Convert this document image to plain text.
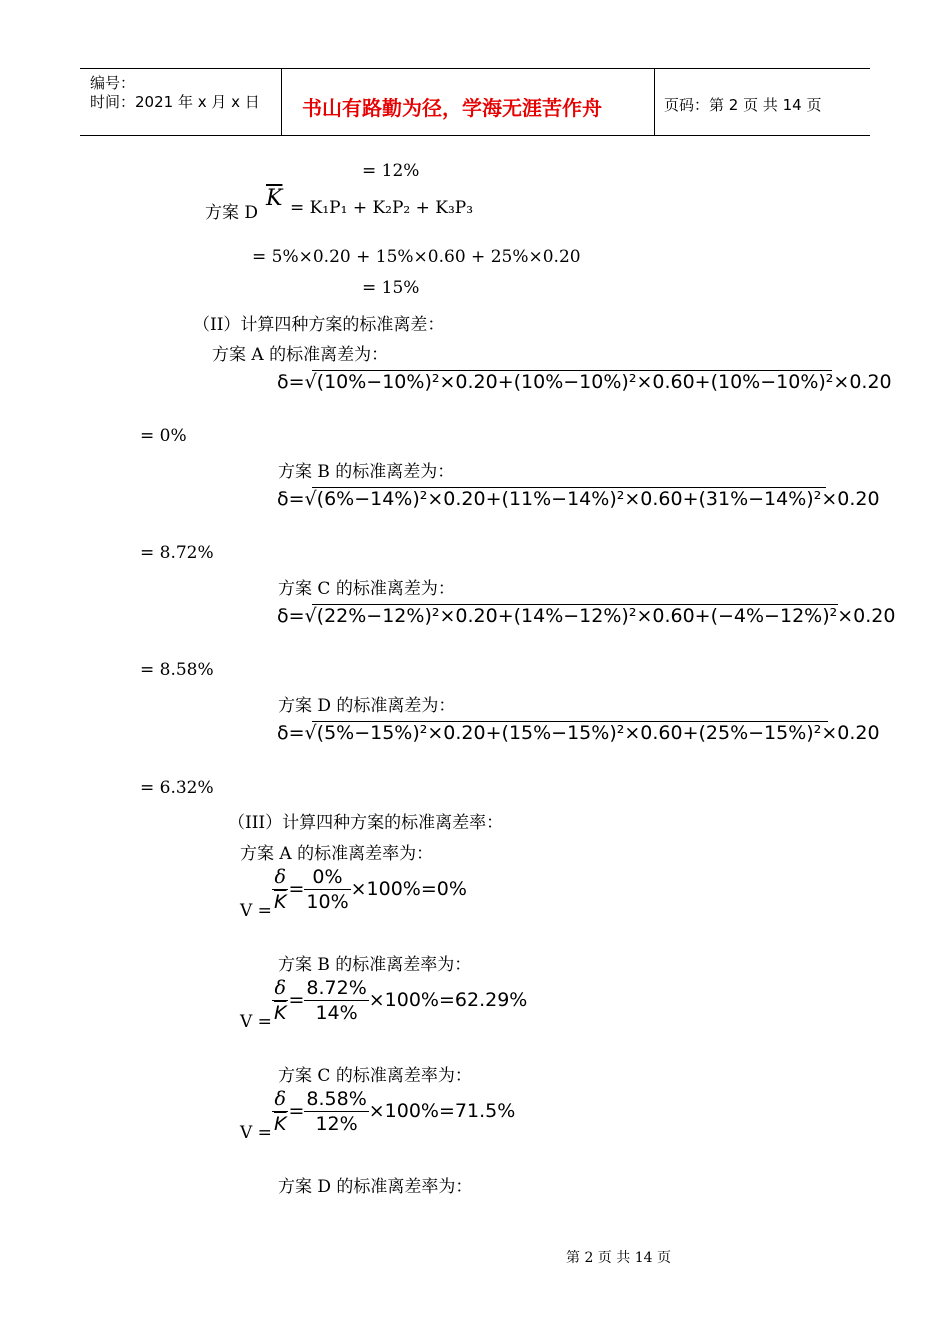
编号：
时间：2021 年 x 月 x 日 书山有路勤为径，学海无涯苦作舟	页码：第 2 页 共 14 页
= 12%
方案 D
$\overline{K} = K_1P_1 + K_2P_2 + K_3P_3$
= 5%×0.20 + 15%×0.60 + 25%×0.20
= 15%
（II）计算四种方案的标准离差：
方案 A 的标准离差为：
δ=√(10%−10%)²×0.20+(10%−10%)²×0.60+(10%−10%)²×0.20
= 0%
方案 B 的标准离差为：
δ=√(6%−14%)²×0.20+(11%−14%)²×0.60+(31%−14%)²×0.20
= 8.72%
方案 C 的标准离差为：
δ=√(22%−12%)²×0.20+(14%−12%)²×0.60+(−4%−12%)²×0.20
= 8.58%
方案 D 的标准离差为：
δ=√(5%−15%)²×0.20+(15%−15%)²×0.60+(25%−15%)²×0.20
= 6.32%
（III）计算四种方案的标准离差率：
方案 A 的标准离差率为：
$V = \frac{\delta}{K} = \frac{0\%}{10\%} \times 100\%=0\%$
方案 B 的标准离差率为：
$V = \frac{\delta}{K} = \frac{8.72\%}{14\%} \times 100\%=62.29\%$
方案 C 的标准离差率为：
$V = \frac{\delta}{K} = \frac{8.58\%}{12\%} \times 100\%=71.5\%$
方案 D 的标准离差率为：
第 2 页 共 14 页
